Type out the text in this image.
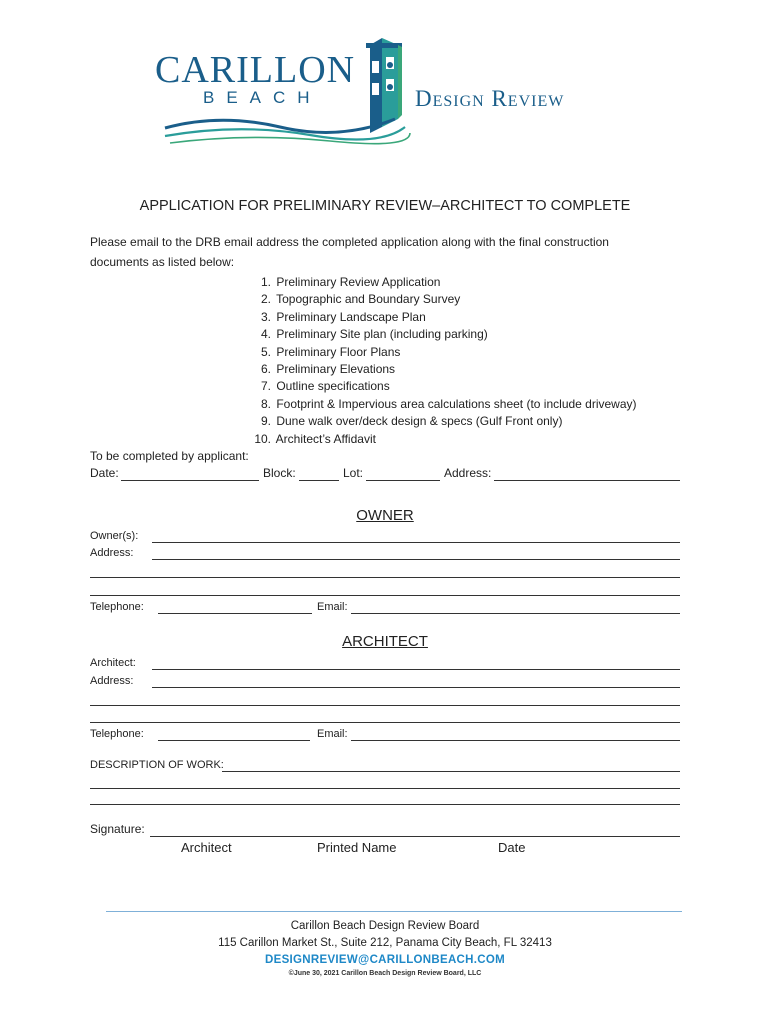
CARILLON
BEACH	Design Review
APPLICATION FOR PRELIMINARY REVIEW–ARCHITECT TO COMPLETE
Please email to the DRB email address the completed application along with the final construction
documents as listed below:
1. Preliminary Review Application
2. Topographic and Boundary Survey
3. Preliminary Landscape Plan
4. Preliminary Site plan (including parking)
5. Preliminary Floor Plans
6. Preliminary Elevations
7. Outline specifications
8. Footprint & Impervious area calculations sheet (to include driveway)
9. Dune walk over/deck design & specs (Gulf Front only)
10. Architect’s Affidavit
To be completed by applicant:
Date:	Block:	Lot:	Address:
OWNER
Owner(s):
Address:
Telephone:	Email:
ARCHITECT
Architect:
Address:
Telephone:	Email:
DESCRIPTION OF WORK:
Signature:
Architect	Printed Name	Date
Carillon Beach Design Review Board
115 Carillon Market St., Suite 212, Panama City Beach, FL 32413
DESIGNREVIEW@CARILLONBEACH.COM
©June 30, 2021 Carillon Beach Design Review Board, LLC
